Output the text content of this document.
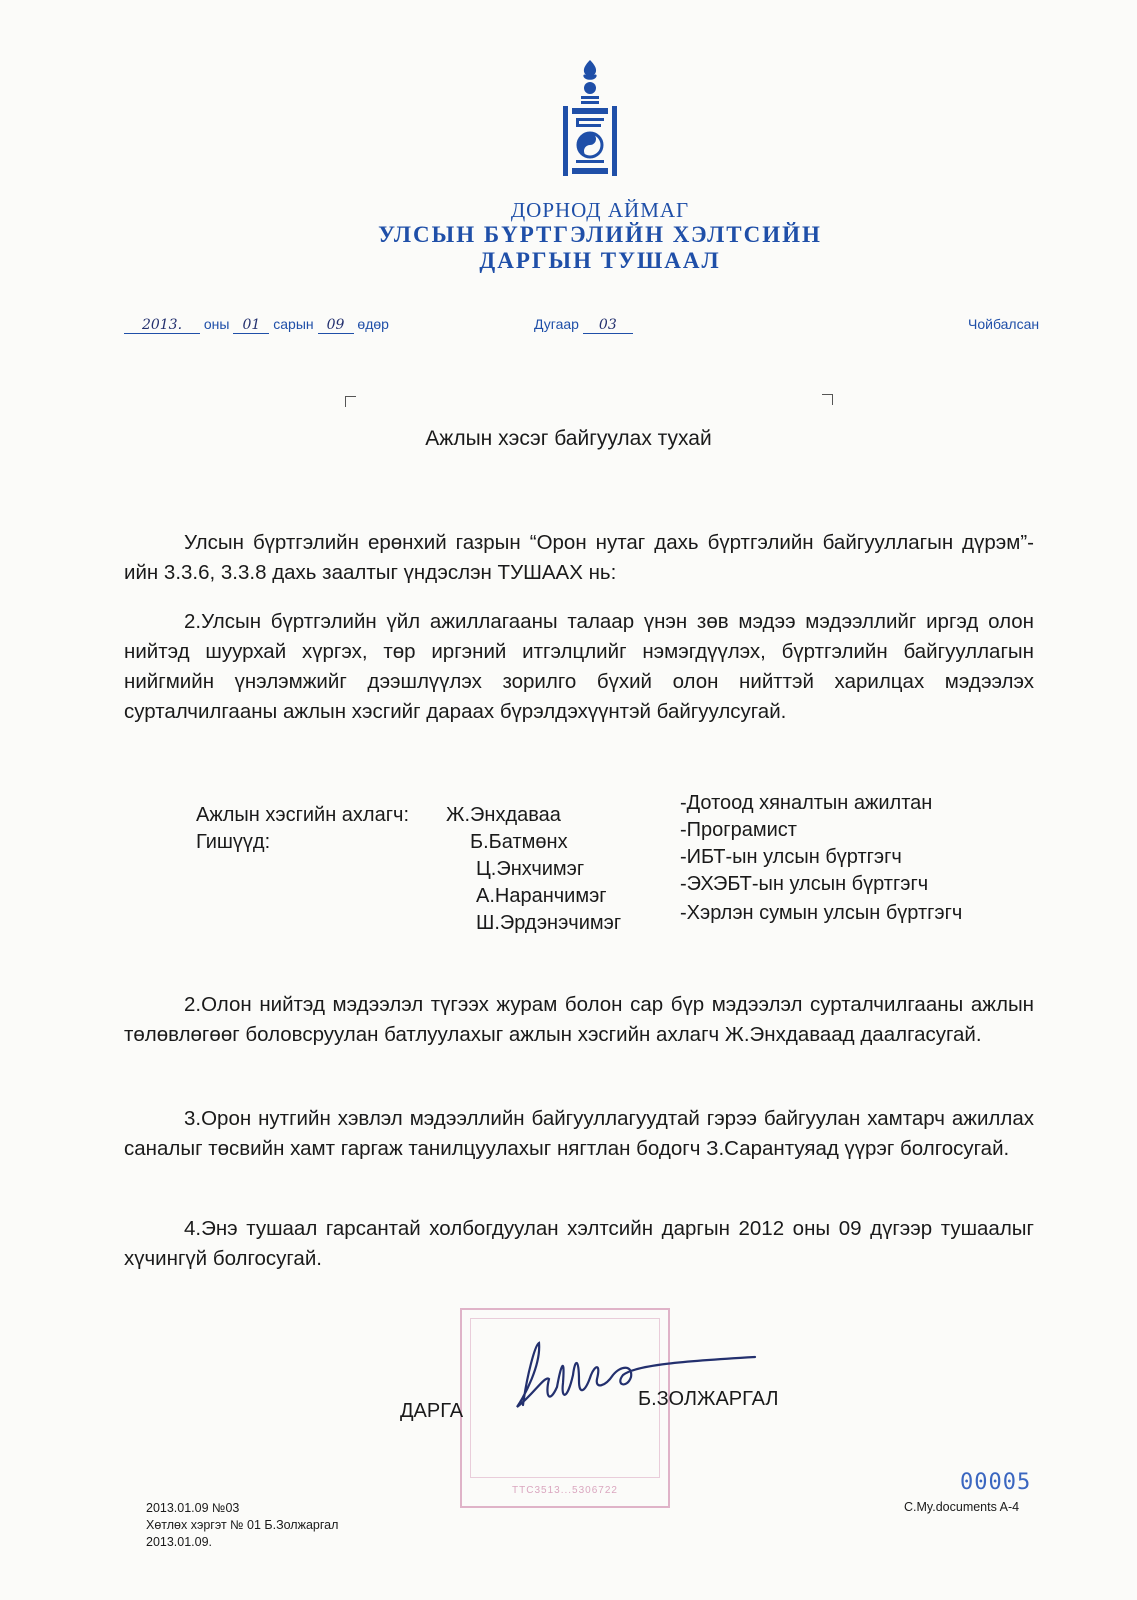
ДОРНОД АЙМАГ
УЛСЫН БҮРТГЭЛИЙН ХЭЛТСИЙН
ДАРГЫН ТУШААЛ
2013. оны 01 сарын 09 өдөр	Дугаар 03	Чойбалсан
Ажлын хэсэг байгуулах тухай

Улсын бүртгэлийн ерөнхий газрын “Орон нутаг дахь бүртгэлийн байгууллагын дүрэм”-ийн 3.3.6, 3.3.8 дахь заалтыг үндэслэн ТУШААХ нь:

2.Улсын бүртгэлийн үйл ажиллагааны талаар үнэн зөв мэдээ мэдээллийг иргэд олон нийтэд шуурхай хүргэх, төр иргэний итгэлцлийг нэмэгдүүлэх, бүртгэлийн байгууллагын нийгмийн үнэлэмжийг дээшлүүлэх зорилго бүхий олон нийттэй харилцах мэдээлэх сурталчилгааны ажлын хэсгийг дараах бүрэлдэхүүнтэй байгуулсугай.

Ажлын хэсгийн ахлагч:
Гишүүд:
Ж.Энхдаваа
Б.Батмөнх
Ц.Энхчимэг
А.Наранчимэг
Ш.Эрдэнэчимэг
-Дотоод хяналтын ажилтан
-Програмист
-ИБТ-ын улсын бүртгэгч
-ЭХЭБТ-ын улсын бүртгэгч
-Хэрлэн сумын улсын бүртгэгч

2.Олон нийтэд мэдээлэл түгээх журам болон сар бүр мэдээлэл сурталчилгааны ажлын төлөвлөгөөг боловсруулан батлуулахыг ажлын хэсгийн ахлагч Ж.Энхдаваад даалгасугай.

3.Орон нутгийн хэвлэл мэдээллийн байгууллагуудтай гэрээ байгуулан хамтарч ажиллах саналыг төсвийн хамт гаргаж танилцуулахыг нягтлан бодогч З.Сарантуяад үүрэг болгосугай.

4.Энэ тушаал гарсантай холбогдуулан хэлтсийн даргын 2012 оны 09 дүгээр тушаалыг хүчингүй болгосугай.

ТТС3513...5306722
ДАРГА
Б.ЗОЛЖАРГАЛ
00005
2013.01.09 №03
Хөтлөх хэргэт № 01 Б.Золжаргал
2013.01.09.
C.My.documents A-4
